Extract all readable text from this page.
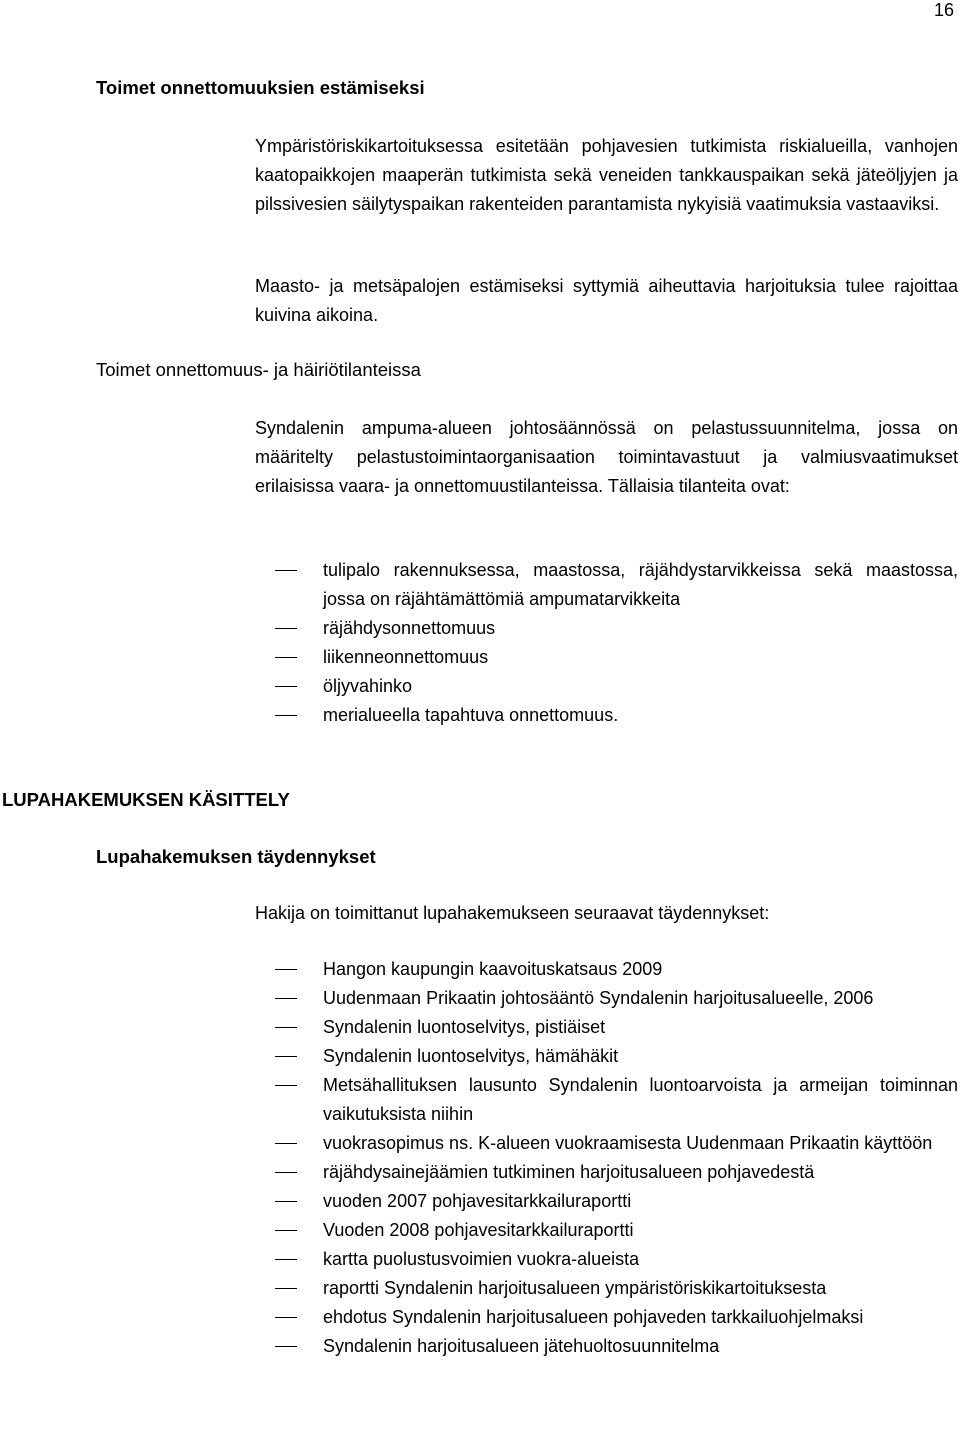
16
Toimet onnettomuuksien estämiseksi

Ympäristöriskikartoituksessa esitetään pohjavesien tutkimista riskialueilla, vanhojen kaatopaikkojen maaperän tutkimista sekä veneiden tankkauspaikan sekä jäteöljyjen ja pilssivesien säilytyspaikan rakenteiden parantamista nykyisiä vaatimuksia vastaaviksi.

Maasto- ja metsäpalojen estämiseksi syttymiä aiheuttavia harjoituksia tulee rajoittaa kuivina aikoina.

Toimet onnettomuus- ja häiriötilanteissa

Syndalenin ampuma-alueen johtosäännössä on pelastussuunnitelma, jossa on määritelty pelastustoimintaorganisaation toimintavastuut ja valmiusvaatimukset erilaisissa vaara- ja onnettomuustilanteissa. Tällaisia tilanteita ovat:

tulipalo rakennuksessa, maastossa, räjähdystarvikkeissa sekä maastossa, jossa on räjähtämättömiä ampumatarvikkeita
räjähdysonnettomuus
liikenneonnettomuus
öljyvahinko
merialueella tapahtuva onnettomuus.
LUPAHAKEMUKSEN KÄSITTELY
Lupahakemuksen täydennykset

Hakija on toimittanut lupahakemukseen seuraavat täydennykset:

Hangon kaupungin kaavoituskatsaus 2009
Uudenmaan Prikaatin johtosääntö Syndalenin harjoitusalueelle, 2006
Syndalenin luontoselvitys, pistiäiset
Syndalenin luontoselvitys, hämähäkit
Metsähallituksen lausunto Syndalenin luontoarvoista ja armeijan toiminnan vaikutuksista niihin
vuokrasopimus ns. K-alueen vuokraamisesta Uudenmaan Prikaatin käyttöön
räjähdysainejäämien tutkiminen harjoitusalueen pohjavedestä
vuoden 2007 pohjavesitarkkailuraportti
Vuoden 2008 pohjavesitarkkailuraportti
kartta puolustusvoimien vuokra-alueista
raportti Syndalenin harjoitusalueen ympäristöriskikartoituksesta
ehdotus Syndalenin harjoitusalueen pohjaveden tarkkailuohjelmaksi
Syndalenin harjoitusalueen jätehuoltosuunnitelma
